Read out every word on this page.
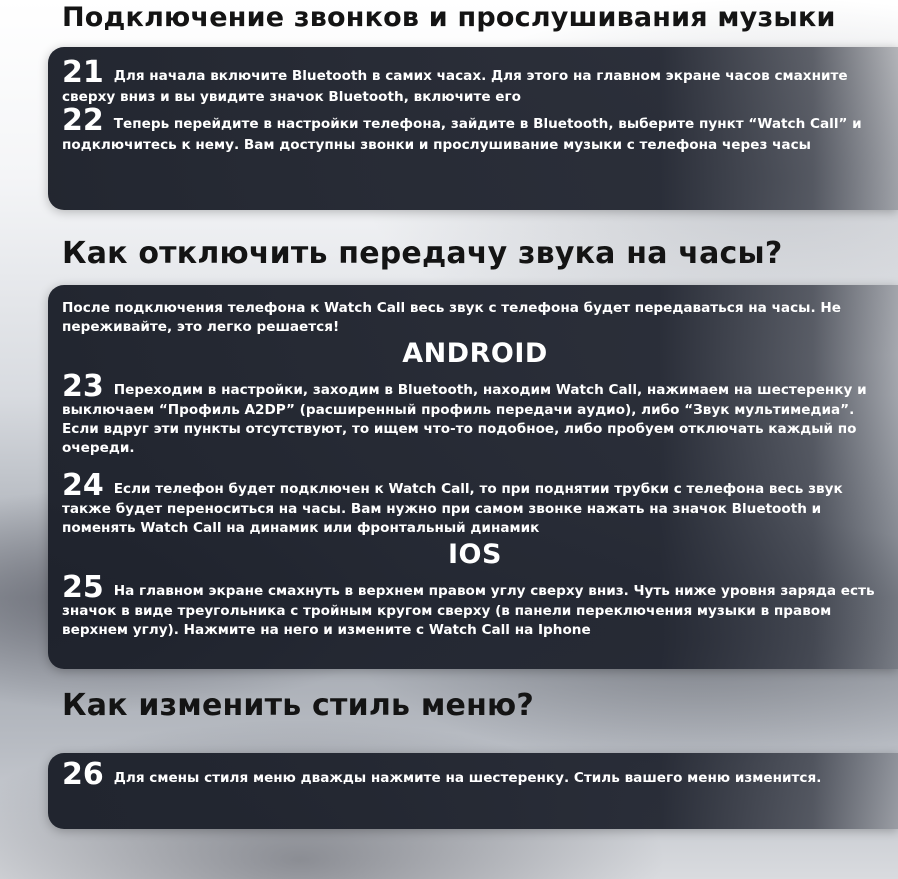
Подключение звонков и прослушивания музыки

21 Для начала включите Bluetooth в самих часах. Для этого на главном экране часов смахните сверху вниз и вы увидите значок Bluetooth, включите его

22 Теперь перейдите в настройки телефона, зайдите в Bluetooth, выберите пункт “Watch Call” и подключитесь к нему. Вам доступны звонки и прослушивание музыки с телефона через часы

Как отключить передачу звука на часы?

После подключения телефона к Watch Call весь звук с телефона будет передаваться на часы. Не переживайте, это легко решается!

ANDROID

23 Переходим в настройки, заходим в Bluetooth, находим Watch Call, нажимаем на шестеренку и выключаем “Профиль A2DP” (расширенный профиль передачи аудио), либо “Звук мультимедиа”. Если вдруг эти пункты отсутствуют, то ищем что-то подобное, либо пробуем отключать каждый по очереди.

24 Если телефон будет подключен к Watch Call, то при поднятии трубки с телефона весь звук также будет переноситься на часы. Вам нужно при самом звонке нажать на значок Bluetooth и поменять Watch Call на динамик или фронтальный динамик

IOS

25 На главном экране смахнуть в верхнем правом углу сверху вниз. Чуть ниже уровня заряда есть значок в виде треугольника с тройным кругом сверху (в панели переключения музыки в правом верхнем углу). Нажмите на него и измените с Watch Call на Iphone

Как изменить стиль меню?

26 Для смены стиля меню дважды нажмите на шестеренку. Стиль вашего меню изменится.
